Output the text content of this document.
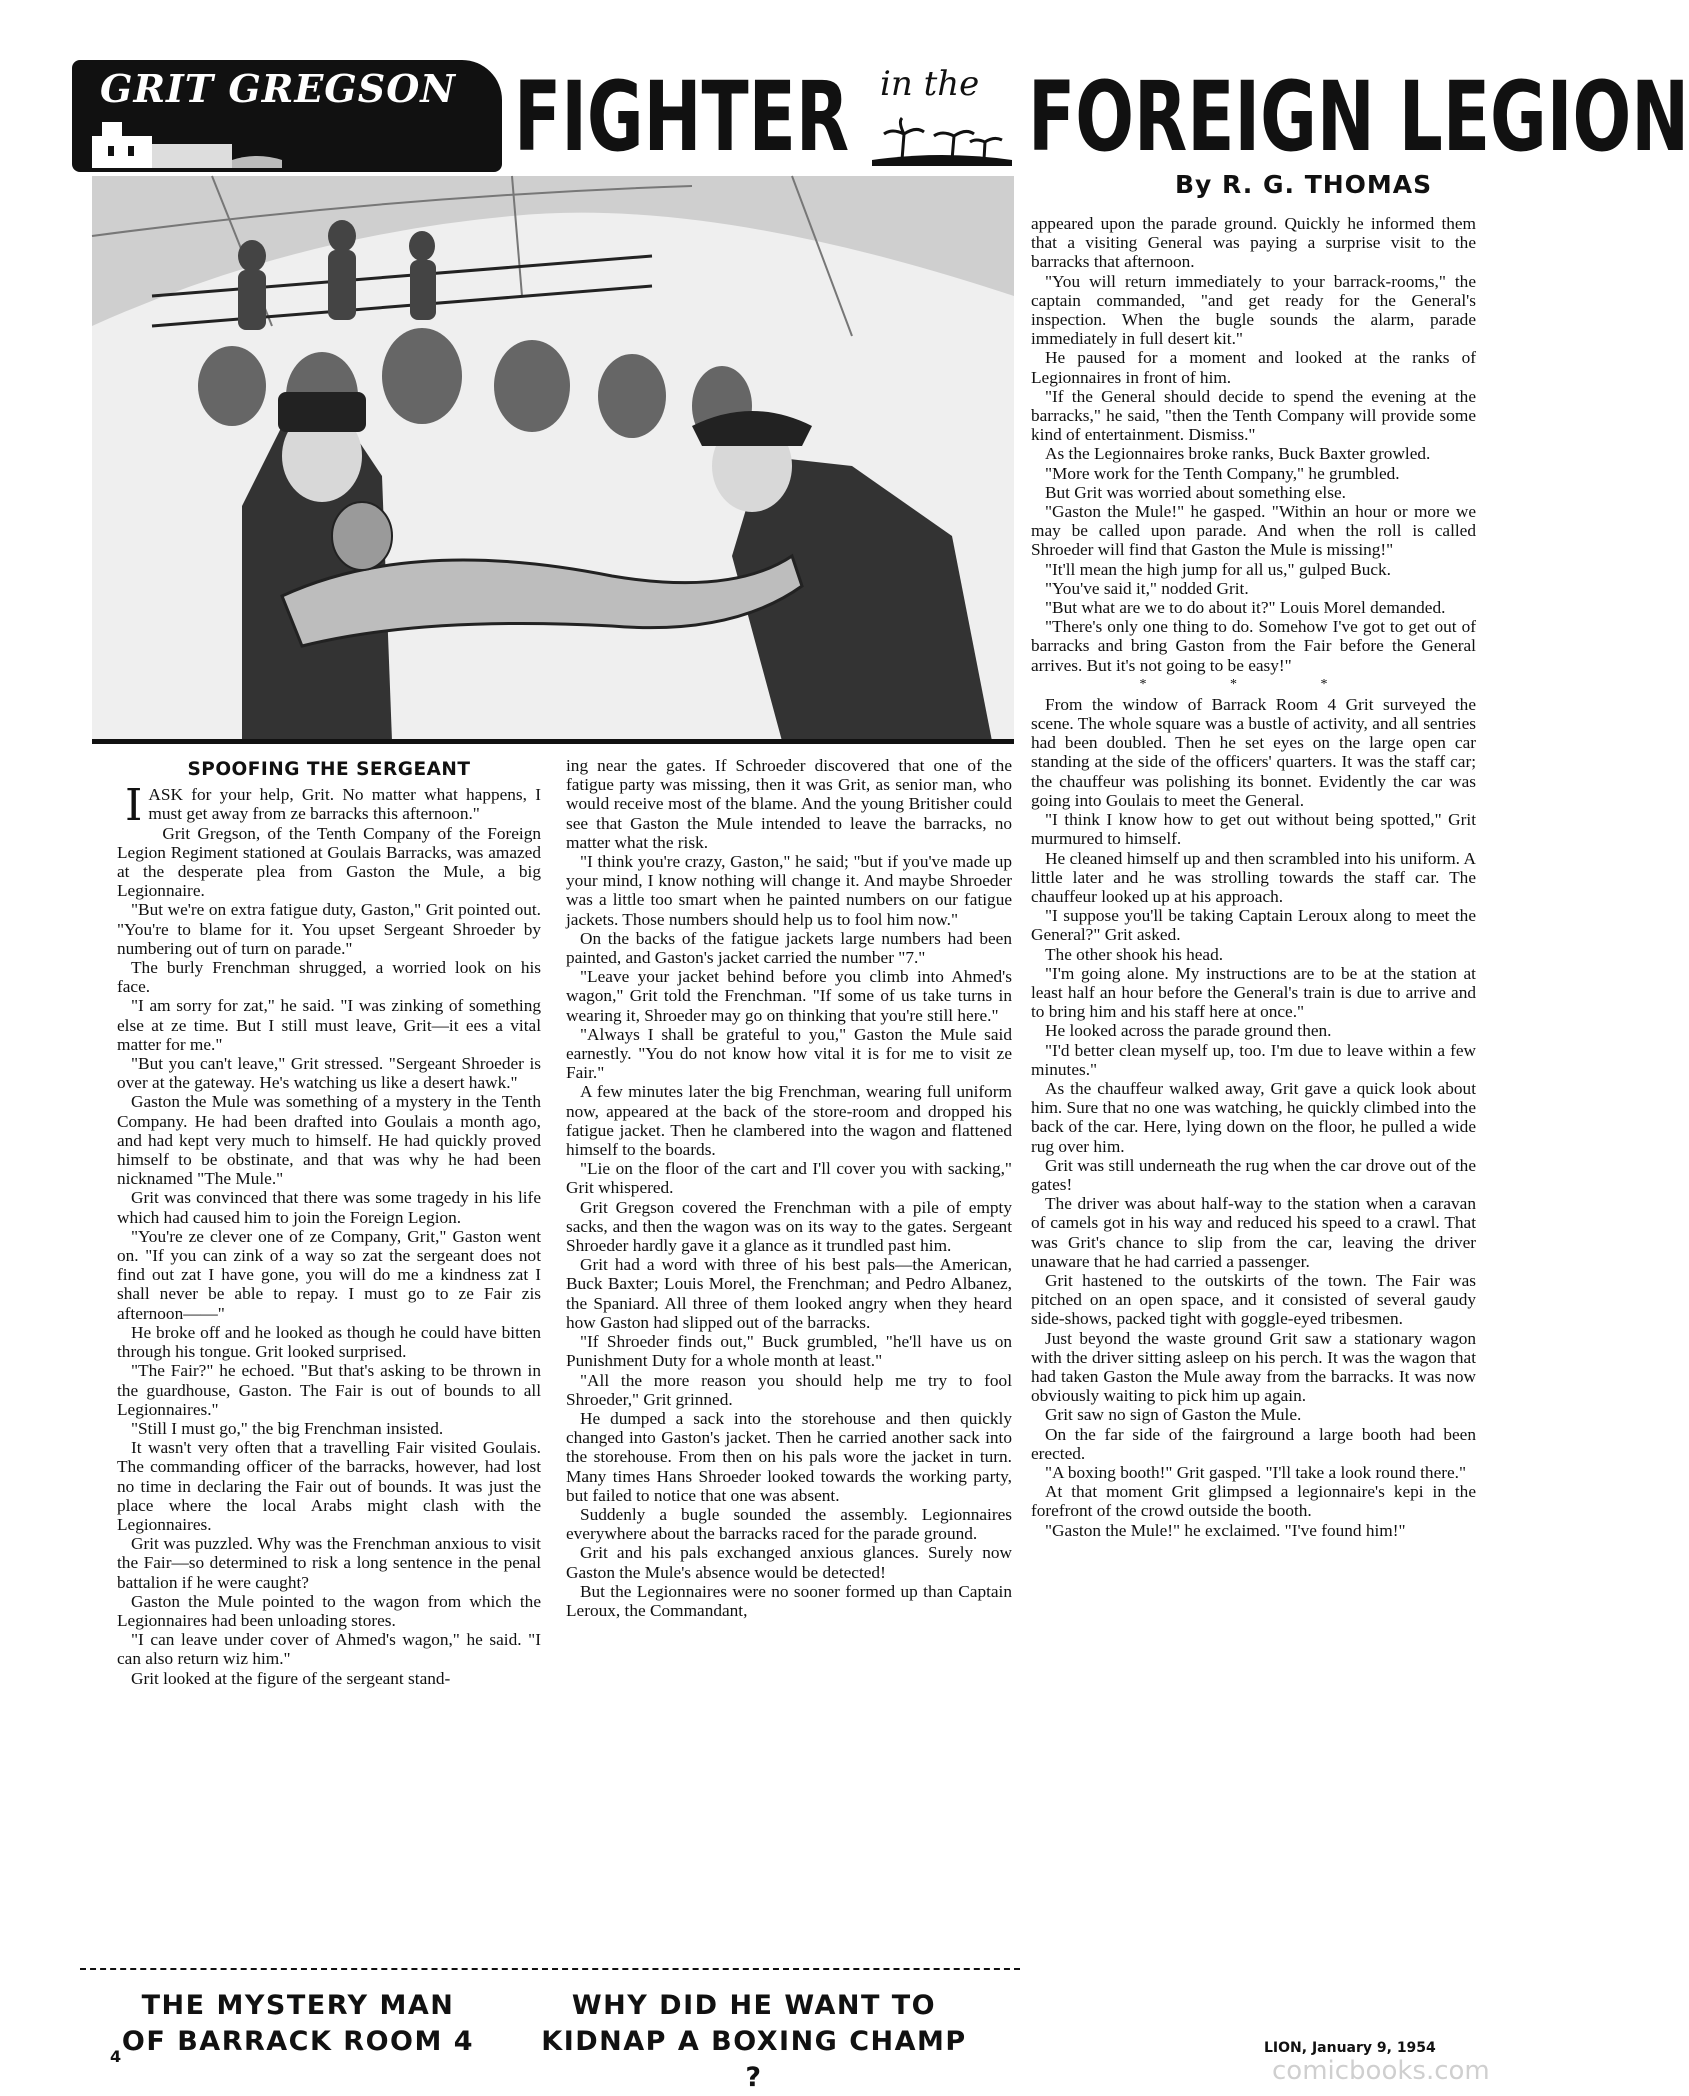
GRIT GREGSON FIGHTER in the FOREIGN LEGION
By R. G. THOMAS
SPOOFING THE SERGEANT

IASK for your help, Grit. No matter what happens, I must get away from ze barracks this afternoon."

Grit Gregson, of the Tenth Company of the Foreign Legion Regiment stationed at Goulais Barracks, was amazed at the desperate plea from Gaston the Mule, a big Legionnaire.

"But we're on extra fatigue duty, Gaston," Grit pointed out. "You're to blame for it. You upset Sergeant Shroeder by numbering out of turn on parade."

The burly Frenchman shrugged, a worried look on his face.

"I am sorry for zat," he said. "I was zinking of something else at ze time. But I still must leave, Grit—it ees a vital matter for me."

"But you can't leave," Grit stressed. "Sergeant Shroeder is over at the gateway. He's watching us like a desert hawk."

Gaston the Mule was something of a mystery in the Tenth Company. He had been drafted into Goulais a month ago, and had kept very much to himself. He had quickly proved himself to be obstinate, and that was why he had been nicknamed "The Mule."

Grit was convinced that there was some tragedy in his life which had caused him to join the Foreign Legion.

"You're ze clever one of ze Company, Grit," Gaston went on. "If you can zink of a way so zat the sergeant does not find out zat I have gone, you will do me a kindness zat I shall never be able to repay. I must go to ze Fair zis afternoon——"

He broke off and he looked as though he could have bitten through his tongue. Grit looked surprised.

"The Fair?" he echoed. "But that's asking to be thrown in the guardhouse, Gaston. The Fair is out of bounds to all Legionnaires."

"Still I must go," the big Frenchman insisted.

It wasn't very often that a travelling Fair visited Goulais. The commanding officer of the barracks, however, had lost no time in declaring the Fair out of bounds. It was just the place where the local Arabs might clash with the Legionnaires.

Grit was puzzled. Why was the Frenchman anxious to visit the Fair—so determined to risk a long sentence in the penal battalion if he were caught?

Gaston the Mule pointed to the wagon from which the Legionnaires had been unloading stores.

"I can leave under cover of Ahmed's wagon," he said. "I can also return wiz him."

Grit looked at the figure of the sergeant stand-

ing near the gates. If Schroeder discovered that one of the fatigue party was missing, then it was Grit, as senior man, who would receive most of the blame. And the young Britisher could see that Gaston the Mule intended to leave the barracks, no matter what the risk.

"I think you're crazy, Gaston," he said; "but if you've made up your mind, I know nothing will change it. And maybe Shroeder was a little too smart when he painted numbers on our fatigue jackets. Those numbers should help us to fool him now."

On the backs of the fatigue jackets large numbers had been painted, and Gaston's jacket carried the number "7."

"Leave your jacket behind before you climb into Ahmed's wagon," Grit told the Frenchman. "If some of us take turns in wearing it, Shroeder may go on thinking that you're still here."

"Always I shall be grateful to you," Gaston the Mule said earnestly. "You do not know how vital it is for me to visit ze Fair."

A few minutes later the big Frenchman, wearing full uniform now, appeared at the back of the store-room and dropped his fatigue jacket. Then he clambered into the wagon and flattened himself to the boards.

"Lie on the floor of the cart and I'll cover you with sacking," Grit whispered.

Grit Gregson covered the Frenchman with a pile of empty sacks, and then the wagon was on its way to the gates. Sergeant Shroeder hardly gave it a glance as it trundled past him.

Grit had a word with three of his best pals—the American, Buck Baxter; Louis Morel, the Frenchman; and Pedro Albanez, the Spaniard. All three of them looked angry when they heard how Gaston had slipped out of the barracks.

"If Shroeder finds out," Buck grumbled, "he'll have us on Punishment Duty for a whole month at least."

"All the more reason you should help me try to fool Shroeder," Grit grinned.

He dumped a sack into the storehouse and then quickly changed into Gaston's jacket. Then he carried another sack into the storehouse. From then on his pals wore the jacket in turn. Many times Hans Shroeder looked towards the working party, but failed to notice that one was absent.

Suddenly a bugle sounded the assembly. Legionnaires everywhere about the barracks raced for the parade ground.

Grit and his pals exchanged anxious glances. Surely now Gaston the Mule's absence would be detected!

But the Legionnaires were no sooner formed up than Captain Leroux, the Commandant,

appeared upon the parade ground. Quickly he informed them that a visiting General was paying a surprise visit to the barracks that afternoon.

"You will return immediately to your barrack-rooms," the captain commanded, "and get ready for the General's inspection. When the bugle sounds the alarm, parade immediately in full desert kit."

He paused for a moment and looked at the ranks of Legionnaires in front of him.

"If the General should decide to spend the evening at the barracks," he said, "then the Tenth Company will provide some kind of entertainment. Dismiss."

As the Legionnaires broke ranks, Buck Baxter growled.

"More work for the Tenth Company," he grumbled.

But Grit was worried about something else.

"Gaston the Mule!" he gasped. "Within an hour or more we may be called upon parade. And when the roll is called Shroeder will find that Gaston the Mule is missing!"

"It'll mean the high jump for all us," gulped Buck.

"You've said it," nodded Grit.

"But what are we to do about it?" Louis Morel demanded.

"There's only one thing to do. Somehow I've got to get out of barracks and bring Gaston from the Fair before the General arrives. But it's not going to be easy!"

* * *

From the window of Barrack Room 4 Grit surveyed the scene. The whole square was a bustle of activity, and all sentries had been doubled. Then he set eyes on the large open car standing at the side of the officers' quarters. It was the staff car; the chauffeur was polishing its bonnet. Evidently the car was going into Goulais to meet the General.

"I think I know how to get out without being spotted," Grit murmured to himself.

He cleaned himself up and then scrambled into his uniform. A little later and he was strolling towards the staff car. The chauffeur looked up at his approach.

"I suppose you'll be taking Captain Leroux along to meet the General?" Grit asked.

The other shook his head.

"I'm going alone. My instructions are to be at the station at least half an hour before the General's train is due to arrive and to bring him and his staff here at once."

He looked across the parade ground then.

"I'd better clean myself up, too. I'm due to leave within a few minutes."

As the chauffeur walked away, Grit gave a quick look about him. Sure that no one was watching, he quickly climbed into the back of the car. Here, lying down on the floor, he pulled a wide rug over him.

Grit was still underneath the rug when the car drove out of the gates!

The driver was about half-way to the station when a caravan of camels got in his way and reduced his speed to a crawl. That was Grit's chance to slip from the car, leaving the driver unaware that he had carried a passenger.

Grit hastened to the outskirts of the town. The Fair was pitched on an open space, and it consisted of several gaudy side-shows, packed tight with goggle-eyed tribesmen.

Just beyond the waste ground Grit saw a stationary wagon with the driver sitting asleep on his perch. It was the wagon that had taken Gaston the Mule away from the barracks. It was now obviously waiting to pick him up again.

Grit saw no sign of Gaston the Mule.

On the far side of the fairground a large booth had been erected.

"A boxing booth!" Grit gasped. "I'll take a look round there."

At that moment Grit glimpsed a legionnaire's kepi in the forefront of the crowd outside the booth.

"Gaston the Mule!" he exclaimed. "I've found him!"

THE MYSTERY MAN
OF BARRACK ROOM 4
WHY DID HE WANT TO
KIDNAP A BOXING CHAMP ?
4	LION, January 9, 1954
comicbooks.com
